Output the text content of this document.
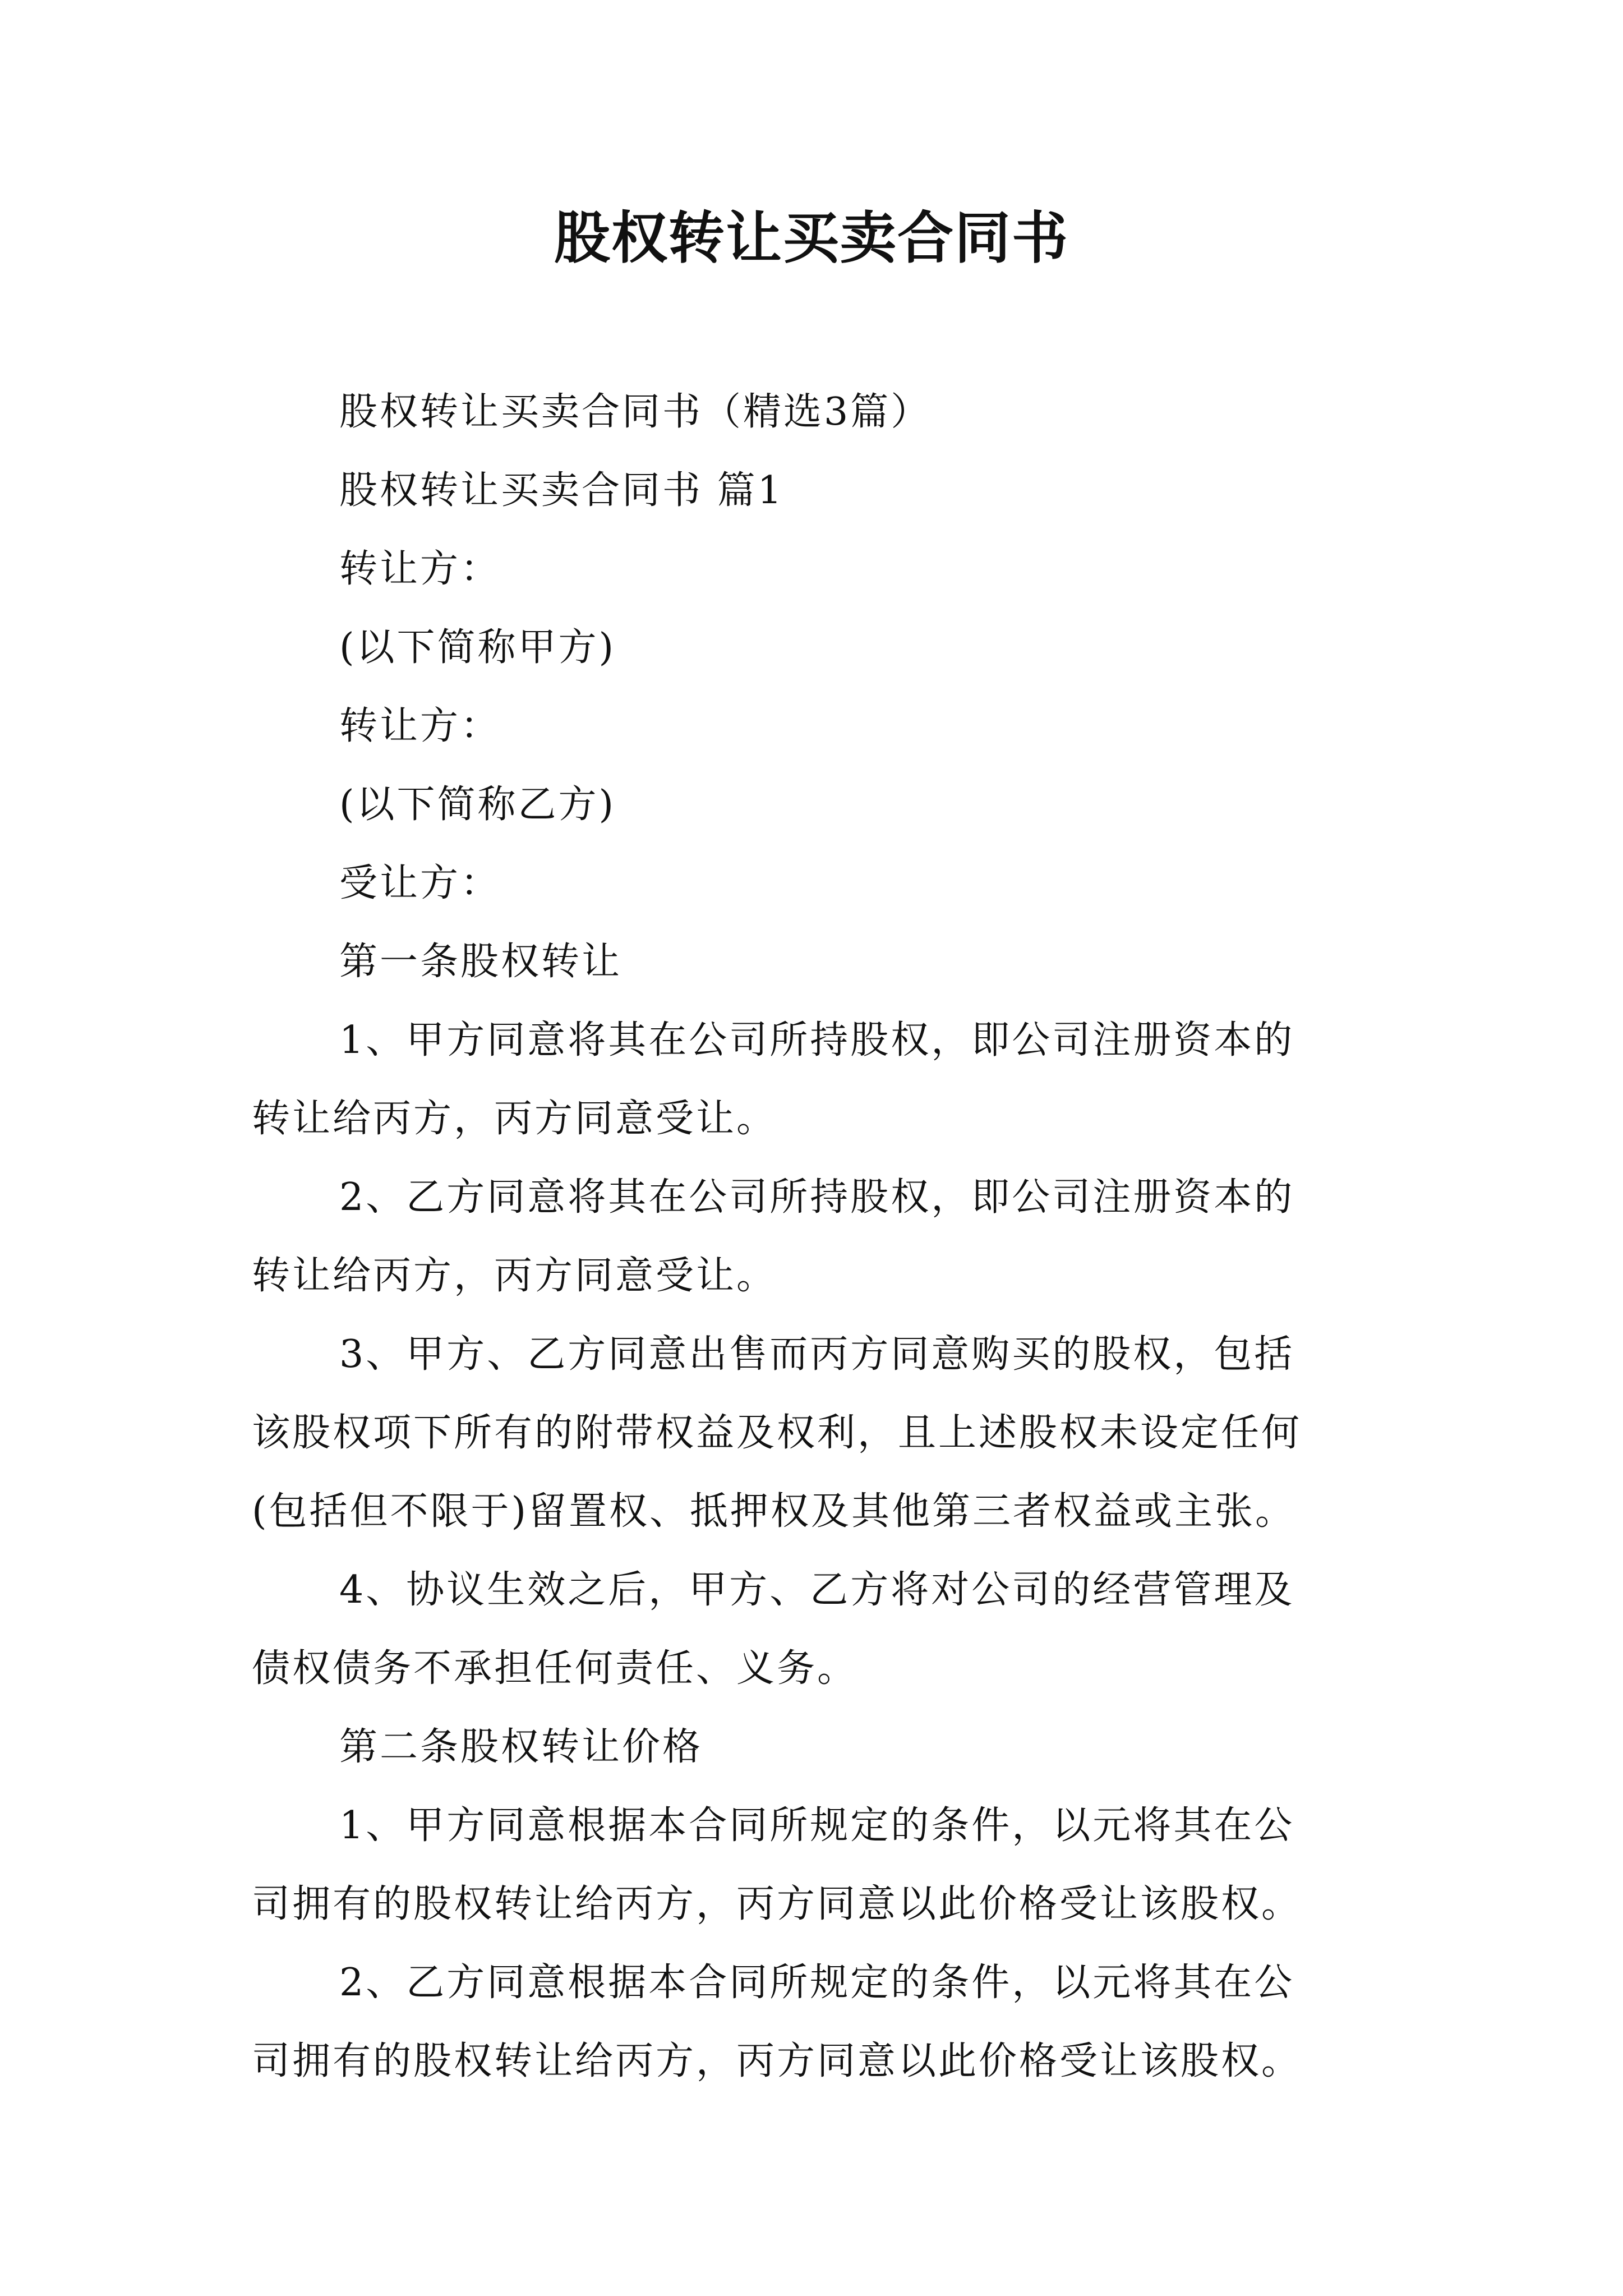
股权转让买卖合同书
股权转让买卖合同书（精选3篇）
股权转让买卖合同书 篇1
转让方：
(以下简称甲方)
转让方：
(以下简称乙方)
受让方：
第一条股权转让
1、甲方同意将其在公司所持股权，即公司注册资本的
转让给丙方，丙方同意受让。
2、乙方同意将其在公司所持股权，即公司注册资本的
转让给丙方，丙方同意受让。
3、甲方、乙方同意出售而丙方同意购买的股权，包括
该股权项下所有的附带权益及权利，且上述股权未设定任何
(包括但不限于)留置权、抵押权及其他第三者权益或主张。
4、协议生效之后，甲方、乙方将对公司的经营管理及
债权债务不承担任何责任、义务。
第二条股权转让价格
1、甲方同意根据本合同所规定的条件，以元将其在公
司拥有的股权转让给丙方，丙方同意以此价格受让该股权。
2、乙方同意根据本合同所规定的条件，以元将其在公
司拥有的股权转让给丙方，丙方同意以此价格受让该股权。
